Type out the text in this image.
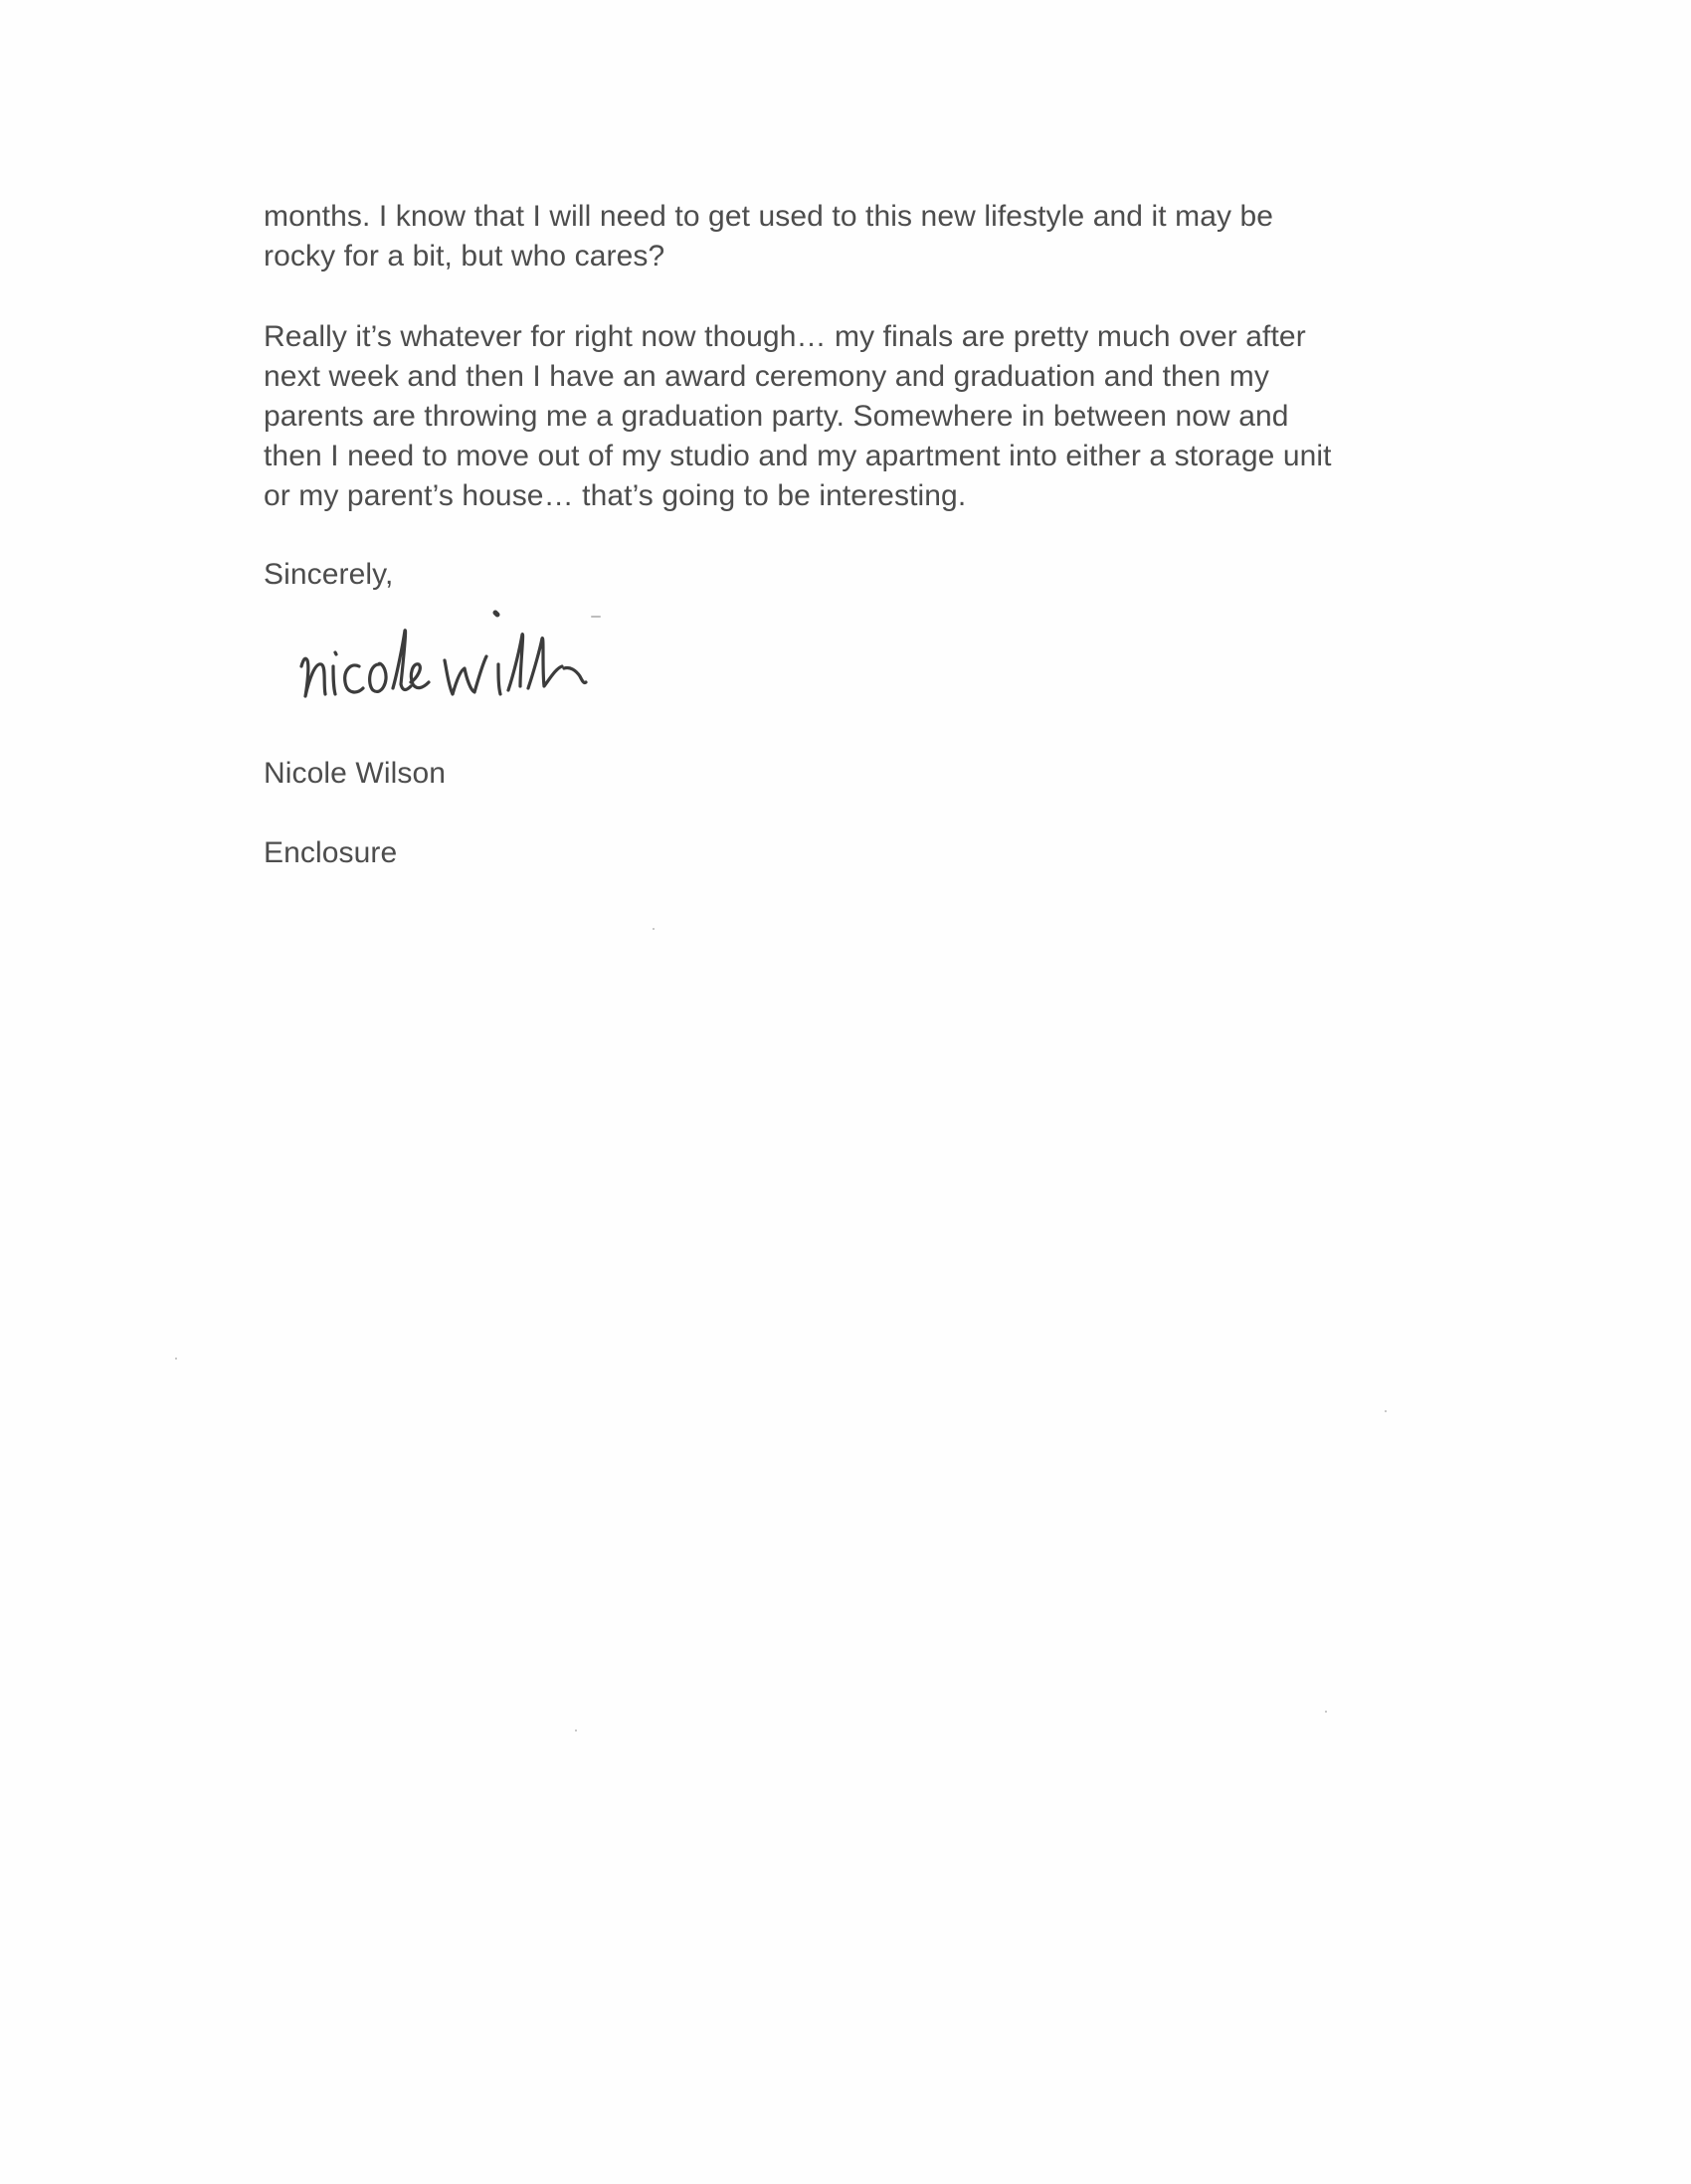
months. I know that I will need to get used to this new lifestyle and it may be
rocky for a bit, but who cares?
Really it’s whatever for right now though… my finals are pretty much over after
next week and then I have an award ceremony and graduation and then my
parents are throwing me a graduation party. Somewhere in between now and
then I need to move out of my studio and my apartment into either a storage unit
or my parent’s house… that’s going to be interesting.
Sincerely,
Nicole Wilson
Enclosure
